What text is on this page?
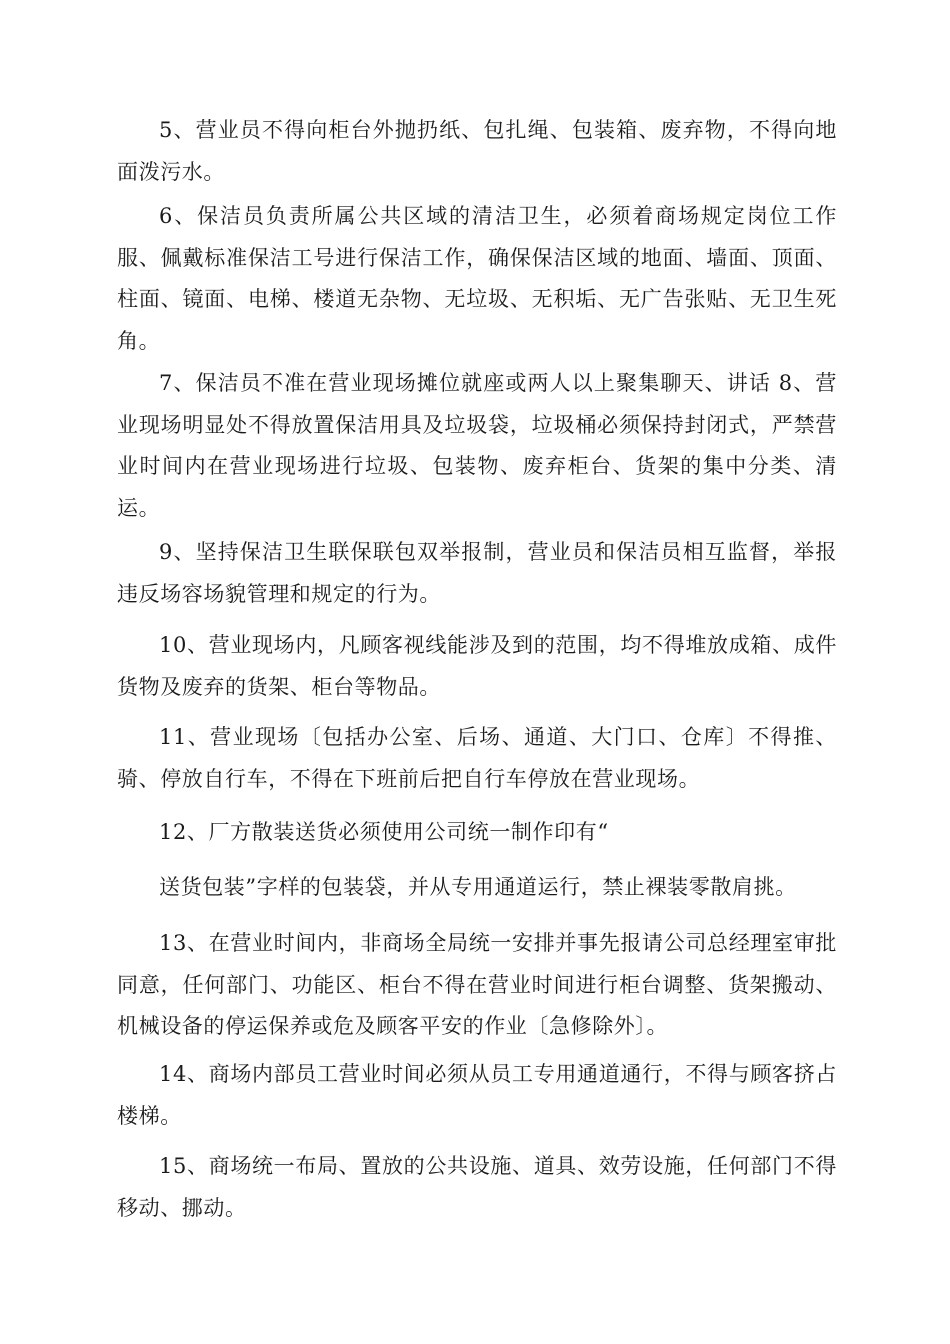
5、营业员不得向柜台外抛扔纸、包扎绳、包装箱、废弃物，不得向地面泼污水。

6、保洁员负责所属公共区域的清洁卫生，必须着商场规定岗位工作服、佩戴标准保洁工号进行保洁工作，确保保洁区域的地面、墙面、顶面、柱面、镜面、电梯、楼道无杂物、无垃圾、无积垢、无广告张贴、无卫生死角。

7、保洁员不准在营业现场摊位就座或两人以上聚集聊天、讲话 8、营业现场明显处不得放置保洁用具及垃圾袋，垃圾桶必须保持封闭式，严禁营业时间内在营业现场进行垃圾、包装物、废弃柜台、货架的集中分类、清运。

9、坚持保洁卫生联保联包双举报制，营业员和保洁员相互监督，举报违反场容场貌管理和规定的行为。

10、营业现场内，凡顾客视线能涉及到的范围，均不得堆放成箱、成件货物及废弃的货架、柜台等物品。

11、营业现场〔包括办公室、后场、通道、大门口、仓库〕不得推、骑、停放自行车，不得在下班前后把自行车停放在营业现场。

12、厂方散装送货必须使用公司统一制作印有“

送货包装”字样的包装袋，并从专用通道运行，禁止裸装零散肩挑。

13、在营业时间内，非商场全局统一安排并事先报请公司总经理室审批同意，任何部门、功能区、柜台不得在营业时间进行柜台调整、货架搬动、机械设备的停运保养或危及顾客平安的作业〔急修除外〕。

14、商场内部员工营业时间必须从员工专用通道通行，不得与顾客挤占楼梯。

15、商场统一布局、置放的公共设施、道具、效劳设施，任何部门不得移动、挪动。
